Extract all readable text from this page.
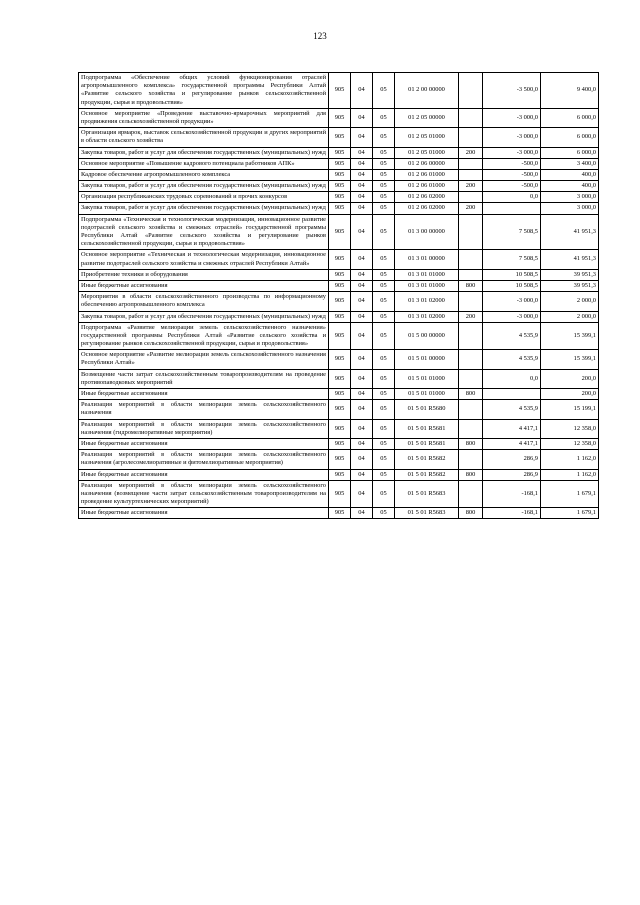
123
Подпрограмма «Обеспечение общих условий функционирования отраслей агропромышленного комплекса» государственной программы Республики Алтай «Развитие сельского хозяйства и регулирование рынков сельскохозяйственной продукции, сырья и продовольствия»	905	04	05	01 2 00 00000		-3 500,0	9 400,0
Основное мероприятие «Проведение выставочно-ярмарочных мероприятий для продвижения сельскохозяйственной продукции»	905	04	05	01 2 05 00000		-3 000,0	6 000,0
Организация ярмарок, выставок сельскохозяйственной продукции и других мероприятий в области сельского хозяйства	905	04	05	01 2 05 01000		-3 000,0	6 000,0
Закупка товаров, работ и услуг для обеспечения государственных (муниципальных) нужд	905	04	05	01 2 05 01000	200	-3 000,0	6 000,0
Основное мероприятие «Повышение кадрового потенциала работников АПК»	905	04	05	01 2 06 00000		-500,0	3 400,0
Кадровое обеспечение агропромышленного комплекса	905	04	05	01 2 06 01000		-500,0	400,0
Закупка товаров, работ и услуг для обеспечения государственных (муниципальных) нужд	905	04	05	01 2 06 01000	200	-500,0	400,0
Организация республиканских трудовых соревнований и прочих конкурсов	905	04	05	01 2 06 02000		0,0	3 000,0
Закупка товаров, работ и услуг для обеспечения государственных (муниципальных) нужд	905	04	05	01 2 06 02000	200		3 000,0
Подпрограмма «Техническая и технологическая модернизация, инновационное развитие подотраслей сельского хозяйства и смежных отраслей» государственной программы Республики Алтай «Развитие сельского хозяйства и регулирование рынков сельскохозяйственной продукции, сырья и продовольствия»	905	04	05	01 3 00 00000		7 508,5	41 951,3
Основное мероприятие «Техническая и технологическая модернизация, инновационное развитие подотраслей сельского хозяйства и смежных отраслей Республики Алтай»	905	04	05	01 3 01 00000		7 508,5	41 951,3
Приобретение техники и оборудования	905	04	05	01 3 01 01000		10 508,5	39 951,3
Иные бюджетные ассигнования	905	04	05	01 3 01 01000	800	10 508,5	39 951,3
Мероприятия в области сельскохозяйственного производства по информационному обеспечению агропромышленного комплекса	905	04	05	01 3 01 02000		-3 000,0	2 000,0
Закупка товаров, работ и услуг для обеспечения государственных (муниципальных) нужд	905	04	05	01 3 01 02000	200	-3 000,0	2 000,0
Подпрограмма «Развитие мелиорации земель сельскохозяйственного назначения» государственной программы Республики Алтай «Развитие сельского хозяйства и регулирование рынков сельскохозяйственной продукции, сырья и продовольствия»	905	04	05	01 5 00 00000		4 535,9	15 399,1
Основное мероприятие «Развитие мелиорации земель сельскохозяйственного назначения Республики Алтай»	905	04	05	01 5 01 00000		4 535,9	15 399,1
Возмещение части затрат сельскохозяйственным товаропроизводителям на проведение противопаводковых мероприятий	905	04	05	01 5 01 01000		0,0	200,0
Иные бюджетные ассигнования	905	04	05	01 5 01 01000	800		200,0
Реализация мероприятий в области мелиорации земель сельскохозяйственного назначения	905	04	05	01 5 01 R5680		4 535,9	15 199,1
Реализация мероприятий в области мелиорации земель сельскохозяйственного назначения (гидромелиоративные мероприятия)	905	04	05	01 5 01 R5681		4 417,1	12 358,0
Иные бюджетные ассигнования	905	04	05	01 5 01 R5681	800	4 417,1	12 358,0
Реализация мероприятий в области мелиорации земель сельскохозяйственного назначения (агролесомелиоративные и фитомелиоративные мероприятия)	905	04	05	01 5 01 R5682		286,9	1 162,0
Иные бюджетные ассигнования	905	04	05	01 5 01 R5682	800	286,9	1 162,0
Реализация мероприятий в области мелиорации земель сельскохозяйственного назначения (возмещение части затрат сельскохозяйственным товаропроизводителям на проведение культуртехнических мероприятий)	905	04	05	01 5 01 R5683		-168,1	1 679,1
Иные бюджетные ассигнования	905	04	05	01 5 01 R5683	800	-168,1	1 679,1
